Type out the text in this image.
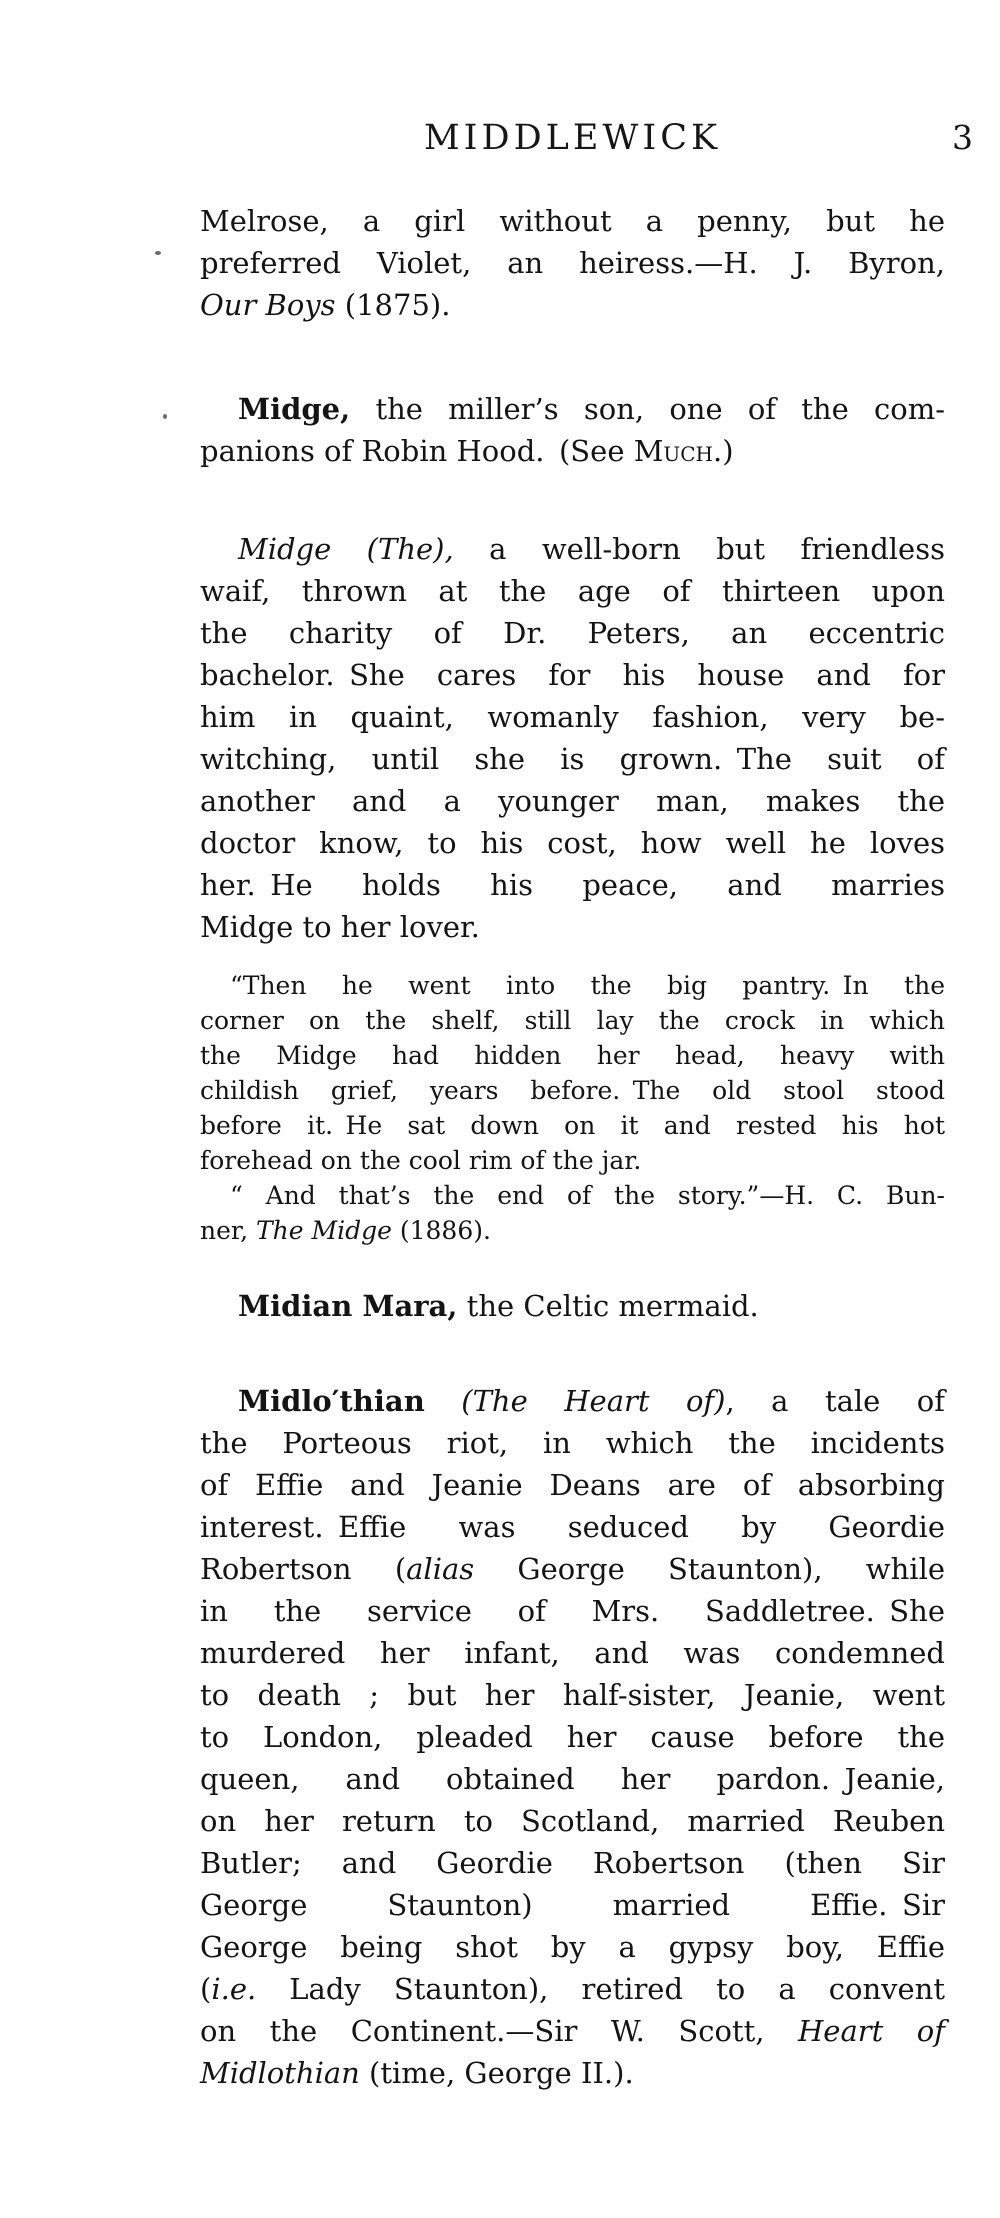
MIDDLEWICK	3
Melrose, a girl without a penny, but he
preferred Violet, an heiress.—H. J. Byron,
Our Boys (1875).
Midge, the miller’s son, one of the com-
panions of Robin Hood. (See Much.)
Midge (The), a well-born but friendless
waif, thrown at the age of thirteen upon
the charity of Dr. Peters, an eccentric
bachelor. She cares for his house and for
him in quaint, womanly fashion, very be-
witching, until she is grown. The suit of
another and a younger man, makes the
doctor know, to his cost, how well he loves
her. He holds his peace, and marries
Midge to her lover.
“Then he went into the big pantry. In the
corner on the shelf, still lay the crock in which
the Midge had hidden her head, heavy with
childish grief, years before. The old stool stood
before it. He sat down on it and rested his hot
forehead on the cool rim of the jar.
“ And that’s the end of the story.”—H. C. Bun-
ner, The Midge (1886).
Midian Mara, the Celtic mermaid.
Midlo′thian (The Heart of), a tale of
the Porteous riot, in which the incidents
of Effie and Jeanie Deans are of absorbing
interest. Effie was seduced by Geordie
Robertson (alias George Staunton), while
in the service of Mrs. Saddletree. She
murdered her infant, and was condemned
to death ; but her half-sister, Jeanie, went
to London, pleaded her cause before the
queen, and obtained her pardon. Jeanie,
on her return to Scotland, married Reuben
Butler; and Geordie Robertson (then Sir
George Staunton) married Effie. Sir
George being shot by a gypsy boy, Effie
(i.e. Lady Staunton), retired to a convent
on the Continent.—Sir W. Scott, Heart of
Midlothian (time, George II.).
